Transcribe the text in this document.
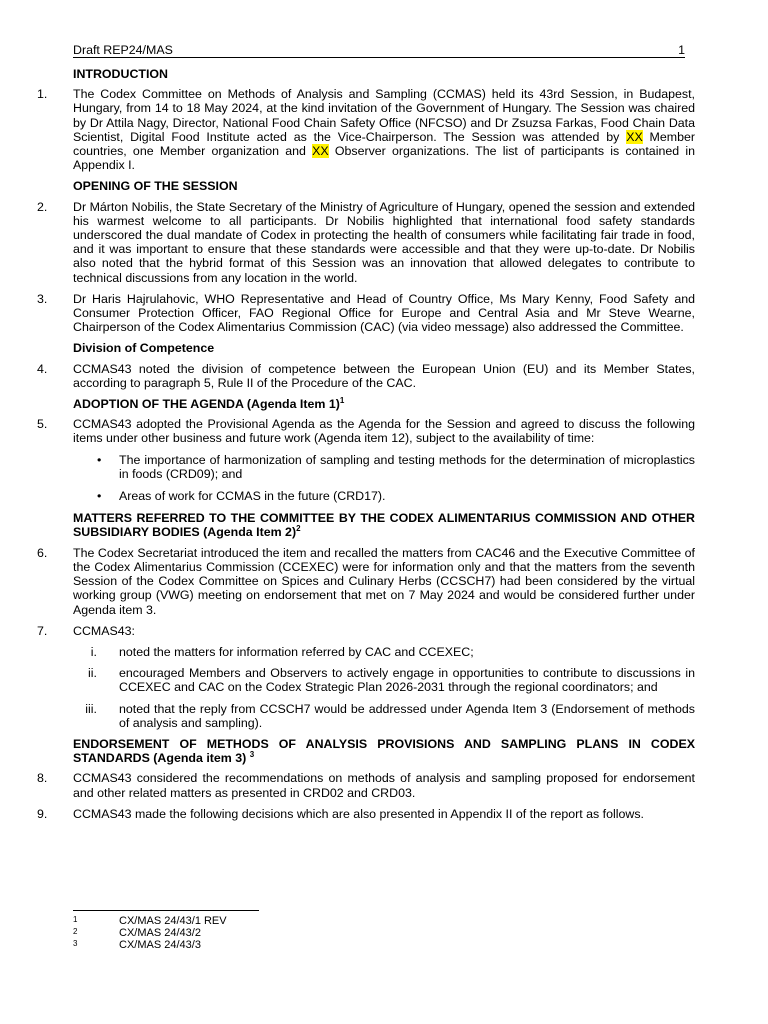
Draft REP24/MAS	1
INTRODUCTION
1.	The Codex Committee on Methods of Analysis and Sampling (CCMAS) held its 43rd Session, in Budapest, Hungary, from 14 to 18 May 2024, at the kind invitation of the Government of Hungary. The Session was chaired by Dr Attila Nagy, Director, National Food Chain Safety Office (NFCSO) and Dr Zsuzsa Farkas, Food Chain Data Scientist, Digital Food Institute acted as the Vice-Chairperson. The Session was attended by XX Member countries, one Member organization and XX Observer organizations. The list of participants is contained in Appendix I.
OPENING OF THE SESSION
2.	Dr Márton Nobilis, the State Secretary of the Ministry of Agriculture of Hungary, opened the session and extended his warmest welcome to all participants. Dr Nobilis highlighted that international food safety standards underscored the dual mandate of Codex in protecting the health of consumers while facilitating fair trade in food, and it was important to ensure that these standards were accessible and that they were up-to-date. Dr Nobilis also noted that the hybrid format of this Session was an innovation that allowed delegates to contribute to technical discussions from any location in the world.
3.	Dr Haris Hajrulahovic, WHO Representative and Head of Country Office, Ms Mary Kenny, Food Safety and Consumer Protection Officer, FAO Regional Office for Europe and Central Asia and Mr Steve Wearne, Chairperson of the Codex Alimentarius Commission (CAC) (via video message) also addressed the Committee.
Division of Competence
4.	CCMAS43 noted the division of competence between the European Union (EU) and its Member States, according to paragraph 5, Rule II of the Procedure of the CAC.
ADOPTION OF THE AGENDA (Agenda Item 1)$^1$
5.	CCMAS43 adopted the Provisional Agenda as the Agenda for the Session and agreed to discuss the following items under other business and future work (Agenda item 12), subject to the availability of time:
•	The importance of harmonization of sampling and testing methods for the determination of microplastics in foods (CRD09); and
•	Areas of work for CCMAS in the future (CRD17).
MATTERS REFERRED TO THE COMMITTEE BY THE CODEX ALIMENTARIUS COMMISSION AND OTHER SUBSIDIARY BODIES (Agenda Item 2)$^2$
6.	The Codex Secretariat introduced the item and recalled the matters from CAC46 and the Executive Committee of the Codex Alimentarius Commission (CCEXEC) were for information only and that the matters from the seventh Session of the Codex Committee on Spices and Culinary Herbs (CCSCH7) had been considered by the virtual working group (VWG) meeting on endorsement that met on 7 May 2024 and would be considered further under Agenda item 3.
7.	CCMAS43:
i.	noted the matters for information referred by CAC and CCEXEC;
ii.	encouraged Members and Observers to actively engage in opportunities to contribute to discussions in CCEXEC and CAC on the Codex Strategic Plan 2026-2031 through the regional coordinators; and
iii.	noted that the reply from CCSCH7 would be addressed under Agenda Item 3 (Endorsement of methods of analysis and sampling).
ENDORSEMENT OF METHODS OF ANALYSIS PROVISIONS AND SAMPLING PLANS IN CODEX STANDARDS (Agenda item 3) $^3$
8.	CCMAS43 considered the recommendations on methods of analysis and sampling proposed for endorsement and other related matters as presented in CRD02 and CRD03.
9.	CCMAS43 made the following decisions which are also presented in Appendix II of the report as follows.
1	CX/MAS 24/43/1 REV
2	CX/MAS 24/43/2
3	CX/MAS 24/43/3
